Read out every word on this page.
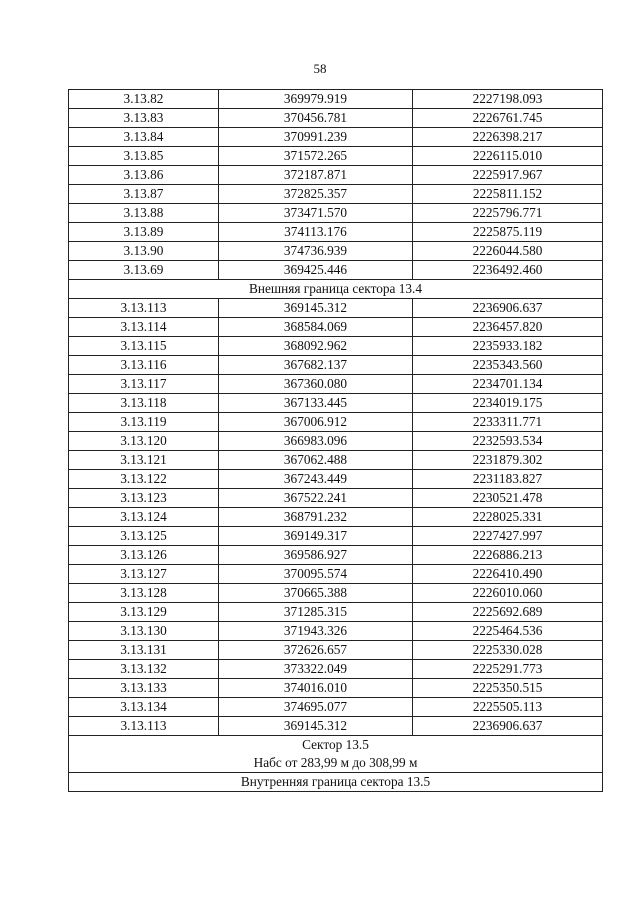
58
3.13.82	369979.919	2227198.093
3.13.83	370456.781	2226761.745
3.13.84	370991.239	2226398.217
3.13.85	371572.265	2226115.010
3.13.86	372187.871	2225917.967
3.13.87	372825.357	2225811.152
3.13.88	373471.570	2225796.771
3.13.89	374113.176	2225875.119
3.13.90	374736.939	2226044.580
3.13.69	369425.446	2236492.460

Внешняя граница сектора 13.4		

3.13.113	369145.312	2236906.637
3.13.114	368584.069	2236457.820
3.13.115	368092.962	2235933.182
3.13.116	367682.137	2235343.560
3.13.117	367360.080	2234701.134
3.13.118	367133.445	2234019.175
3.13.119	367006.912	2233311.771
3.13.120	366983.096	2232593.534
3.13.121	367062.488	2231879.302
3.13.122	367243.449	2231183.827
3.13.123	367522.241	2230521.478
3.13.124	368791.232	2228025.331
3.13.125	369149.317	2227427.997
3.13.126	369586.927	2226886.213
3.13.127	370095.574	2226410.490
3.13.128	370665.388	2226010.060
3.13.129	371285.315	2225692.689
3.13.130	371943.326	2225464.536
3.13.131	372626.657	2225330.028
3.13.132	373322.049	2225291.773
3.13.133	374016.010	2225350.515
3.13.134	374695.077	2225505.113
3.13.113	369145.312	2236906.637

Сектор 13.5
Набс от 283,99 м до 308,99 м		

Внутренняя граница сектора 13.5		
